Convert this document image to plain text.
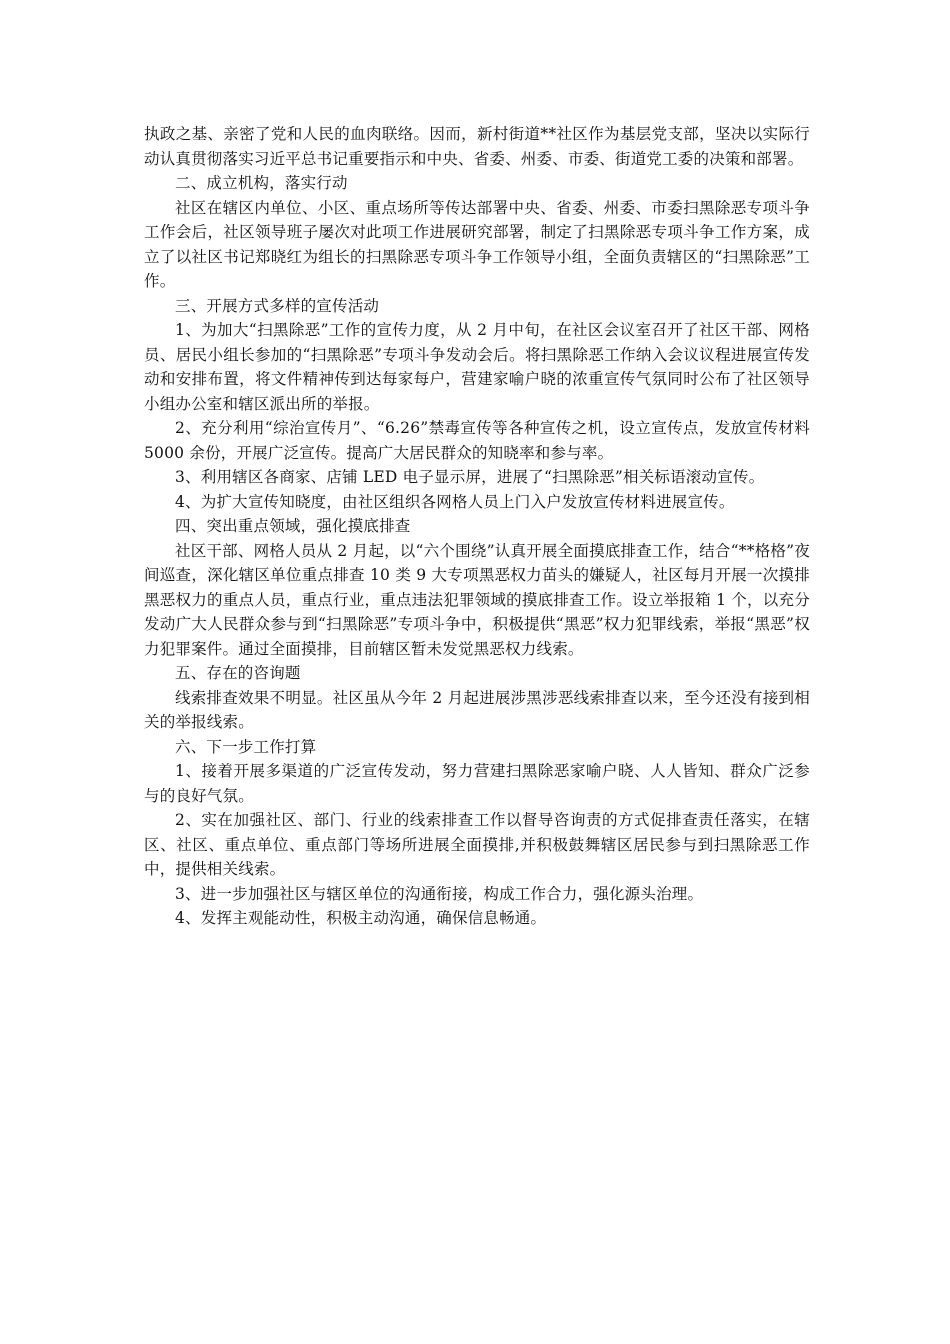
执政之基、亲密了党和人民的血肉联络。因而，新村街道**社区作为基层党支部，坚决以实际行动认真贯彻落实习近平总书记重要指示和中央、省委、州委、市委、街道党工委的决策和部署。

二、成立机构，落实行动

社区在辖区内单位、小区、重点场所等传达部署中央、省委、州委、市委扫黑除恶专项斗争工作会后，社区领导班子屡次对此项工作进展研究部署，制定了扫黑除恶专项斗争工作方案，成立了以社区书记郑晓红为组长的扫黑除恶专项斗争工作领导小组，全面负责辖区的“扫黑除恶”工作。

三、开展方式多样的宣传活动

1、为加大“扫黑除恶”工作的宣传力度，从 2 月中旬，在社区会议室召开了社区干部、网格员、居民小组长参加的“扫黑除恶”专项斗争发动会后。将扫黑除恶工作纳入会议议程进展宣传发动和安排布置，将文件精神传到达每家每户，营建家喻户晓的浓重宣传气氛同时公布了社区领导小组办公室和辖区派出所的举报。

2、充分利用“综治宣传月”、“6.26”禁毒宣传等各种宣传之机，设立宣传点，发放宣传材料 5000 余份，开展广泛宣传。提高广大居民群众的知晓率和参与率。

3、利用辖区各商家、店铺 LED 电子显示屏，进展了“扫黑除恶”相关标语滚动宣传。

4、为扩大宣传知晓度，由社区组织各网格人员上门入户发放宣传材料进展宣传。

四、突出重点领域，强化摸底排查

社区干部、网格人员从 2 月起，以“六个围绕”认真开展全面摸底排查工作，结合“**格格”夜间巡查，深化辖区单位重点排查 10 类 9 大专项黑恶权力苗头的嫌疑人，社区每月开展一次摸排黑恶权力的重点人员，重点行业，重点违法犯罪领域的摸底排查工作。设立举报箱 1 个，以充分发动广大人民群众参与到“扫黑除恶”专项斗争中，积极提供“黑恶”权力犯罪线索，举报“黑恶”权力犯罪案件。通过全面摸排，目前辖区暂未发觉黑恶权力线索。

五、存在的咨询题

线索排查效果不明显。社区虽从今年 2 月起进展涉黑涉恶线索排查以来，至今还没有接到相关的举报线索。

六、下一步工作打算

1、接着开展多渠道的广泛宣传发动，努力营建扫黑除恶家喻户晓、人人皆知、群众广泛参与的良好气氛。

2、实在加强社区、部门、行业的线索排查工作以督导咨询责的方式促排查责任落实，在辖区、社区、重点单位、重点部门等场所进展全面摸排,并积极鼓舞辖区居民参与到扫黑除恶工作中，提供相关线索。

3、进一步加强社区与辖区单位的沟通衔接，构成工作合力，强化源头治理。

4、发挥主观能动性，积极主动沟通，确保信息畅通。
